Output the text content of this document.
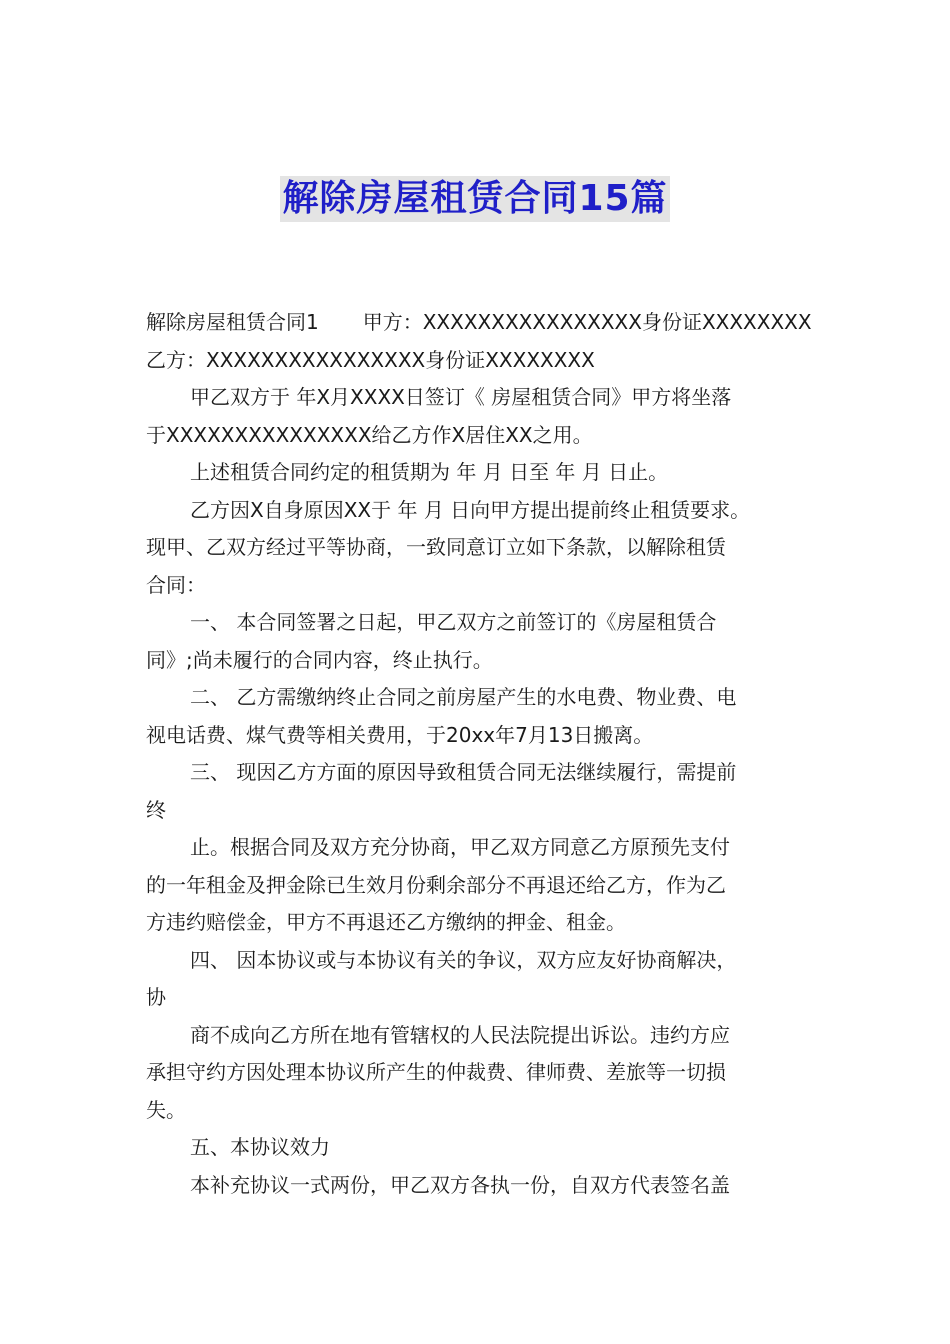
解除房屋租赁合同15篇
解除房屋租赁合同1 甲方：XXXXXXXXXXXXXXXX身份证XXXXXXXX
乙方：XXXXXXXXXXXXXXXX身份证XXXXXXXX
甲乙双方于 年X月XXXX日签订《 房屋租赁合同》甲方将坐落
于XXXXXXXXXXXXXXX给乙方作X居住XX之用。
上述租赁合同约定的租赁期为 年 月 日至 年 月 日止。
乙方因X自身原因XX于 年 月 日向甲方提出提前终止租赁要求。
现甲、乙双方经过平等协商，一致同意订立如下条款，以解除租赁
合同：
一、 本合同签署之日起，甲乙双方之前签订的《房屋租赁合
同》;尚未履行的合同内容，终止执行。
二、 乙方需缴纳终止合同之前房屋产生的水电费、物业费、电
视电话费、煤气费等相关费用，于20xx年7月13日搬离。
三、 现因乙方方面的原因导致租赁合同无法继续履行，需提前
终
止。根据合同及双方充分协商，甲乙双方同意乙方原预先支付
的一年租金及押金除已生效月份剩余部分不再退还给乙方，作为乙
方违约赔偿金，甲方不再退还乙方缴纳的押金、租金。
四、 因本协议或与本协议有关的争议，双方应友好协商解决，
协
商不成向乙方所在地有管辖权的人民法院提出诉讼。违约方应
承担守约方因处理本协议所产生的仲裁费、律师费、差旅等一切损
失。
五、本协议效力
本补充协议一式两份，甲乙双方各执一份，自双方代表签名盖
